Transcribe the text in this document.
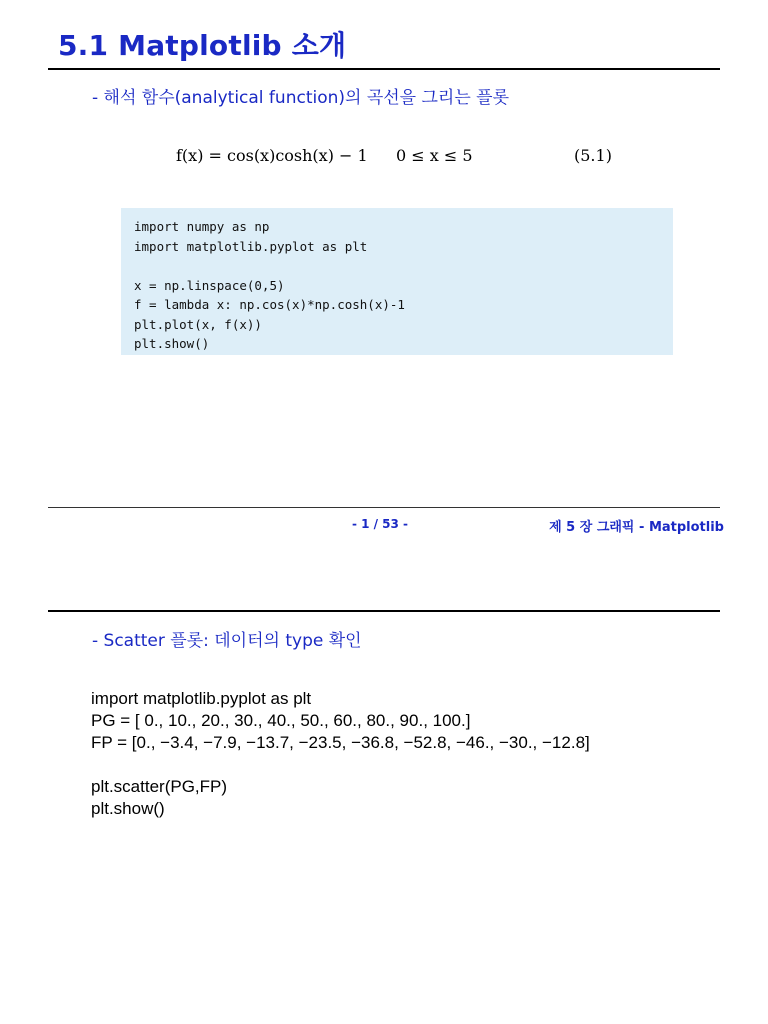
5.1 Matplotlib 소개
- 해석 함수(analytical function)의 곡선을 그리는 플롯
f(x) = cos(x)cosh(x) − 1 0 ≤ x ≤ 5	(5.1)
import numpy as np
import matplotlib.pyplot as plt

x = np.linspace(0,5)
f = lambda x: np.cos(x)*np.cosh(x)-1
plt.plot(x, f(x))
plt.show()
- 1 / 53 -	제 5 장 그래픽 - Matplotlib
- Scatter 플롯: 데이터의 type 확인
import matplotlib.pyplot as plt
PG = [ 0., 10., 20., 30., 40., 50., 60., 80., 90., 100.]
FP = [0., −3.4, −7.9, −13.7, −23.5, −36.8, −52.8, −46., −30., −12.8]

plt.scatter(PG,FP)
plt.show()
